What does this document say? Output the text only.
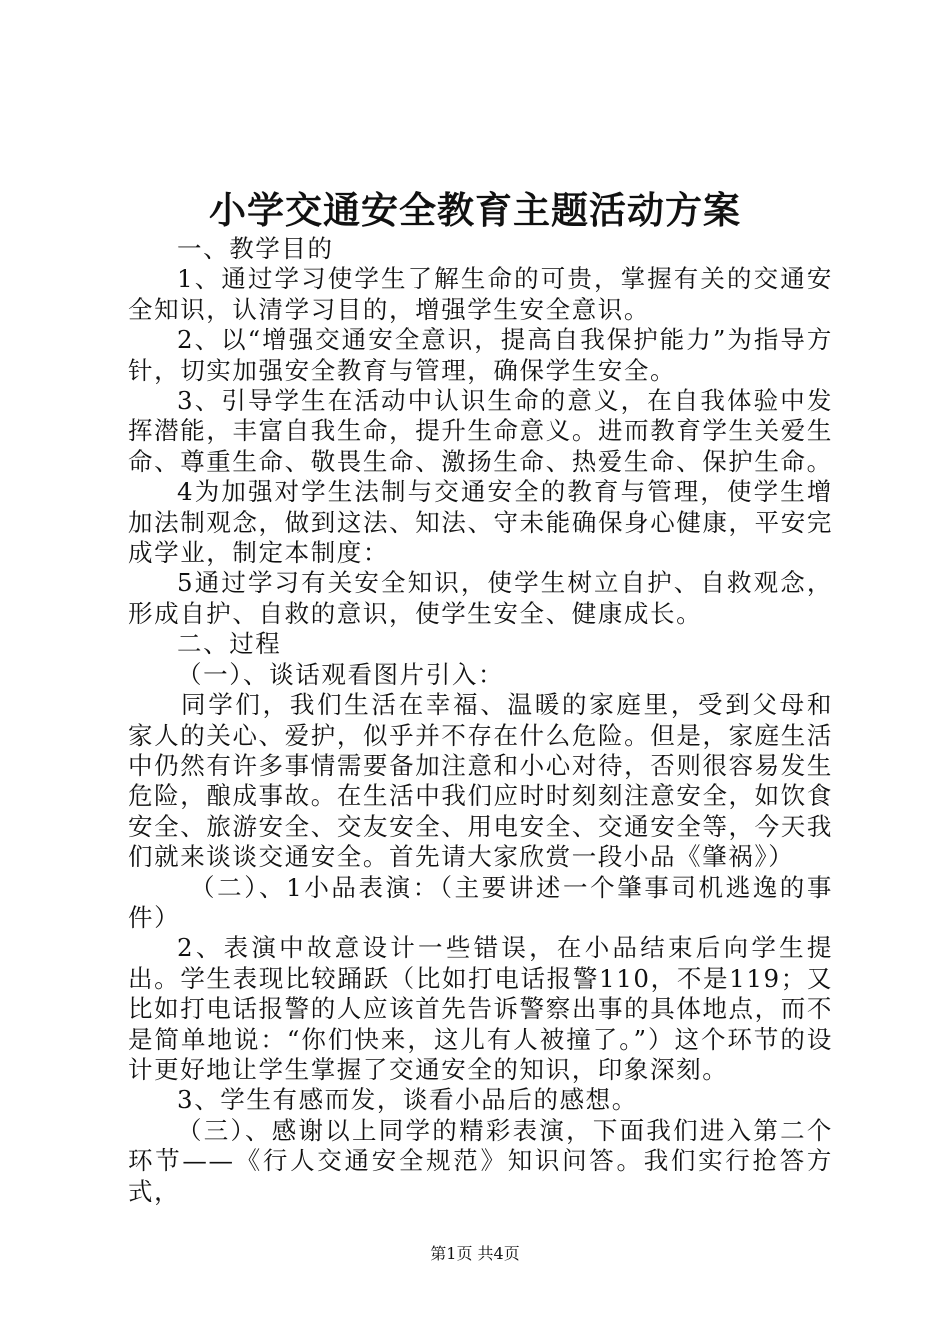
小学交通安全教育主题活动方案

一、教学目的

1、通过学习使学生了解生命的可贵，掌握有关的交通安全知识，认清学习目的，增强学生安全意识。

2、以“增强交通安全意识，提高自我保护能力”为指导方针，切实加强安全教育与管理，确保学生安全。

3、引导学生在活动中认识生命的意义，在自我体验中发挥潜能，丰富自我生命，提升生命意义。进而教育学生关爱生命、尊重生命、敬畏生命、激扬生命、热爱生命、保护生命。

4为加强对学生法制与交通安全的教育与管理，使学生增加法制观念，做到这法、知法、守未能确保身心健康，平安完成学业，制定本制度：

5通过学习有关安全知识，使学生树立自护、自救观念，形成自护、自救的意识，使学生安全、健康成长。

二、过程

（一）、谈话观看图片引入：

同学们，我们生活在幸福、温暖的家庭里，受到父母和家人的关心、爱护，似乎并不存在什么危险。但是，家庭生活中仍然有许多事情需要备加注意和小心对待，否则很容易发生危险，酿成事故。在生活中我们应时时刻刻注意安全，如饮食安全、旅游安全、交友安全、用电安全、交通安全等，今天我们就来谈谈交通安全。首先请大家欣赏一段小品《肇祸》）

（二）、1小品表演：（主要讲述一个肇事司机逃逸的事件）

2、表演中故意设计一些错误，在小品结束后向学生提出。学生表现比较踊跃（比如打电话报警110，不是119；又比如打电话报警的人应该首先告诉警察出事的具体地点，而不是简单地说：“你们快来，这儿有人被撞了。”）这个环节的设计更好地让学生掌握了交通安全的知识，印象深刻。

3、学生有感而发，谈看小品后的感想。

（三）、感谢以上同学的精彩表演，下面我们进入第二个环节——《行人交通安全规范》知识问答。我们实行抢答方式，

第1页 共4页
